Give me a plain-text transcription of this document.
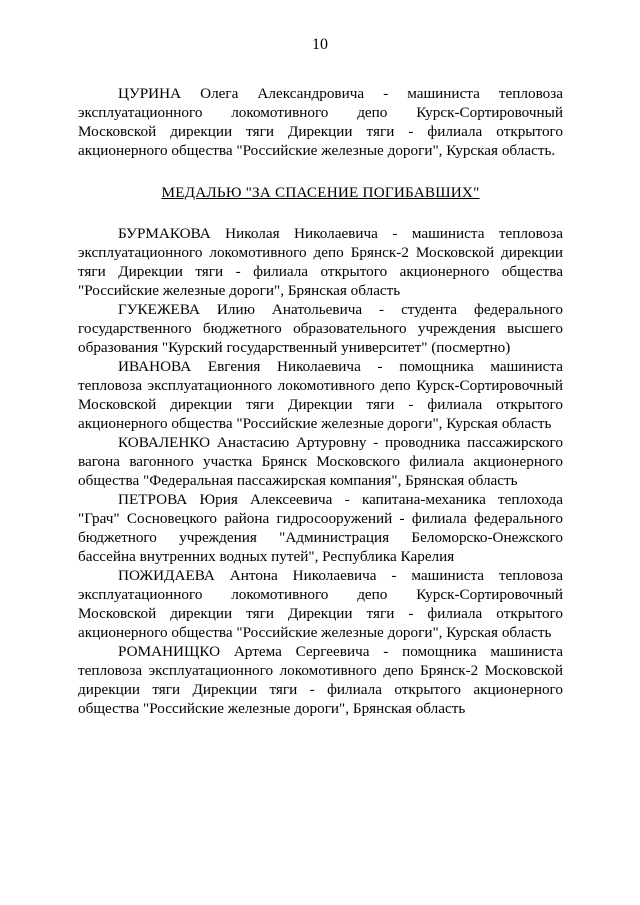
10

ЦУРИНА Олега Александровича - машиниста тепловоза эксплуатационного локомотивного депо Курск-Сортировочный Московской дирекции тяги Дирекции тяги - филиала открытого акционерного общества "Российские железные дороги", Курская область.

МЕДАЛЬЮ "ЗА СПАСЕНИЕ ПОГИБАВШИХ"

БУРМАКОВА Николая Николаевича - машиниста тепловоза эксплуатационного локомотивного депо Брянск-2 Московской дирекции тяги Дирекции тяги - филиала открытого акционерного общества "Российские железные дороги", Брянская область

ГУКЕЖЕВА Илию Анатольевича - студента федерального государственного бюджетного образовательного учреждения высшего образования "Курский государственный университет" (посмертно)

ИВАНОВА Евгения Николаевича - помощника машиниста тепловоза эксплуатационного локомотивного депо Курск-Сортировочный Московской дирекции тяги Дирекции тяги - филиала открытого акционерного общества "Российские железные дороги", Курская область

КОВАЛЕНКО Анастасию Артуровну - проводника пассажирского вагона вагонного участка Брянск Московского филиала акционерного общества "Федеральная пассажирская компания", Брянская область

ПЕТРОВА Юрия Алексеевича - капитана-механика теплохода "Грач" Сосновецкого района гидросооружений - филиала федерального бюджетного учреждения "Администрация Беломорско-Онежского бассейна внутренних водных путей", Республика Карелия

ПОЖИДАЕВА Антона Николаевича - машиниста тепловоза эксплуатационного локомотивного депо Курск-Сортировочный Московской дирекции тяги Дирекции тяги - филиала открытого акционерного общества "Российские железные дороги", Курская область

РОМАНИЩКО Артема Сергеевича - помощника машиниста тепловоза эксплуатационного локомотивного депо Брянск-2 Московской дирекции тяги Дирекции тяги - филиала открытого акционерного общества "Российские железные дороги", Брянская область
